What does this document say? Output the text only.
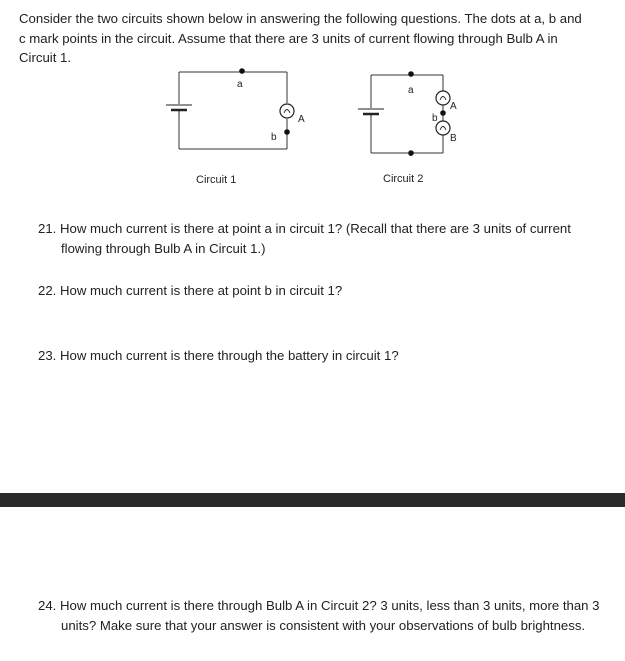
Consider the two circuits shown below in answering the following questions. The dots at a, b and c mark points in the circuit. Assume that there are 3 units of current flowing through Bulb A in Circuit 1.
a
b
A
Circuit 1
a
b
c
A
B
Circuit 2
21. How much current is there at point a in circuit 1? (Recall that there are 3 units of current flowing through Bulb A in Circuit 1.)
22. How much current is there at point b in circuit 1?
23. How much current is there through the battery in circuit 1?
24. How much current is there through Bulb A in Circuit 2? 3 units, less than 3 units, more than 3 units? Make sure that your answer is consistent with your observations of bulb brightness.
